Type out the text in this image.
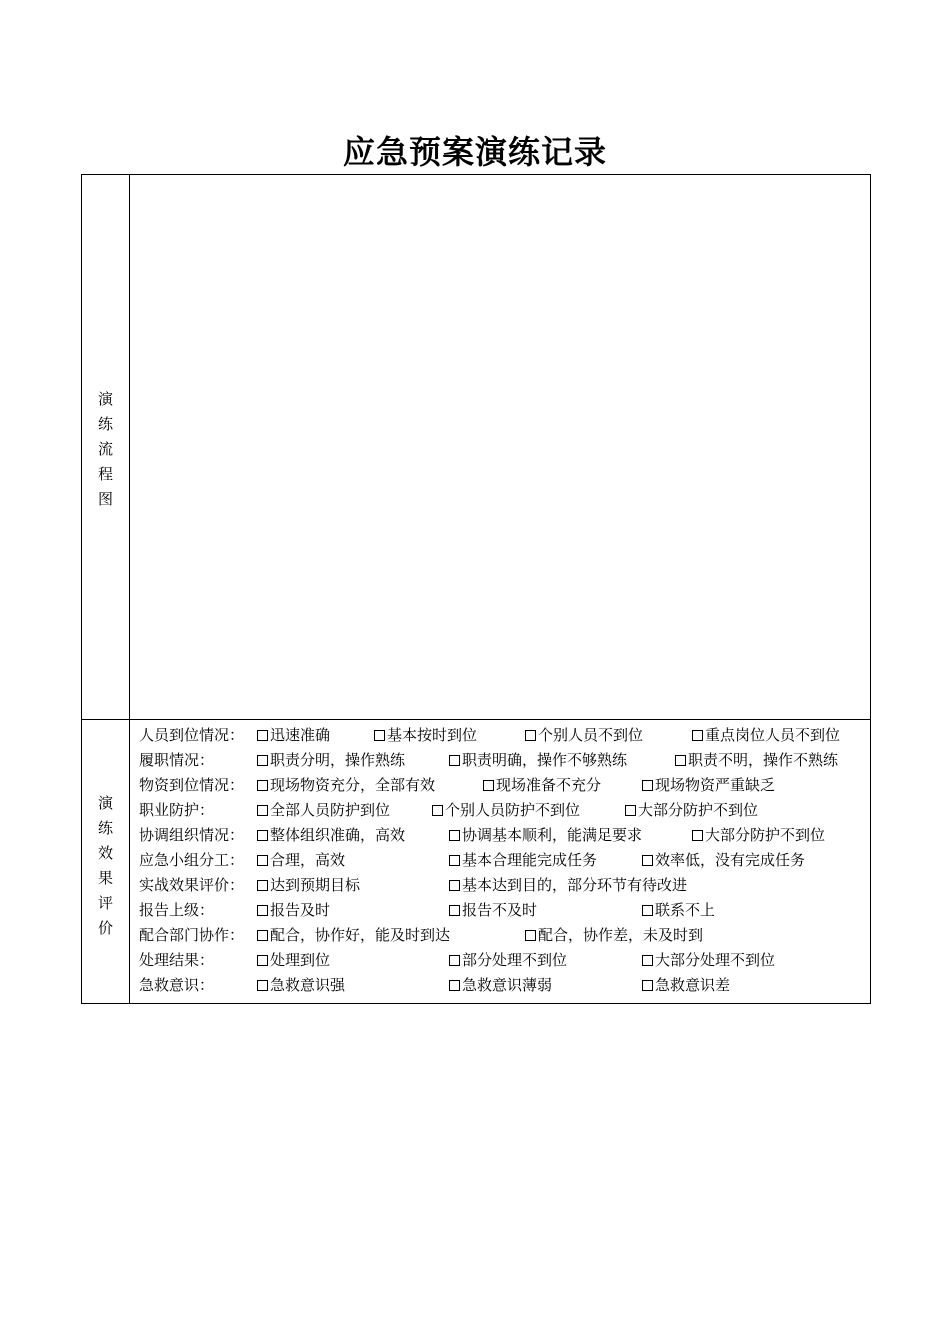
应急预案演练记录
演
练
流
程
图
演
练
效
果
评
价
人员到位情况：	迅速准确	基本按时到位	个别人员不到位	重点岗位人员不到位
履职情况：	职责分明，操作熟练	职责明确，操作不够熟练	职责不明，操作不熟练
物资到位情况：	现场物资充分，全部有效	现场准备不充分	现场物资严重缺乏
职业防护：	全部人员防护到位	个别人员防护不到位	大部分防护不到位
协调组织情况：	整体组织准确，高效	协调基本顺利，能满足要求	大部分防护不到位
应急小组分工：	合理，高效	基本合理能完成任务	效率低，没有完成任务
实战效果评价：	达到预期目标	基本达到目的，部分环节有待改进
报告上级：	报告及时	报告不及时	联系不上
配合部门协作：	配合，协作好，能及时到达	配合，协作差，未及时到
处理结果：	处理到位	部分处理不到位	大部分处理不到位
急救意识：	急救意识强	急救意识薄弱	急救意识差
